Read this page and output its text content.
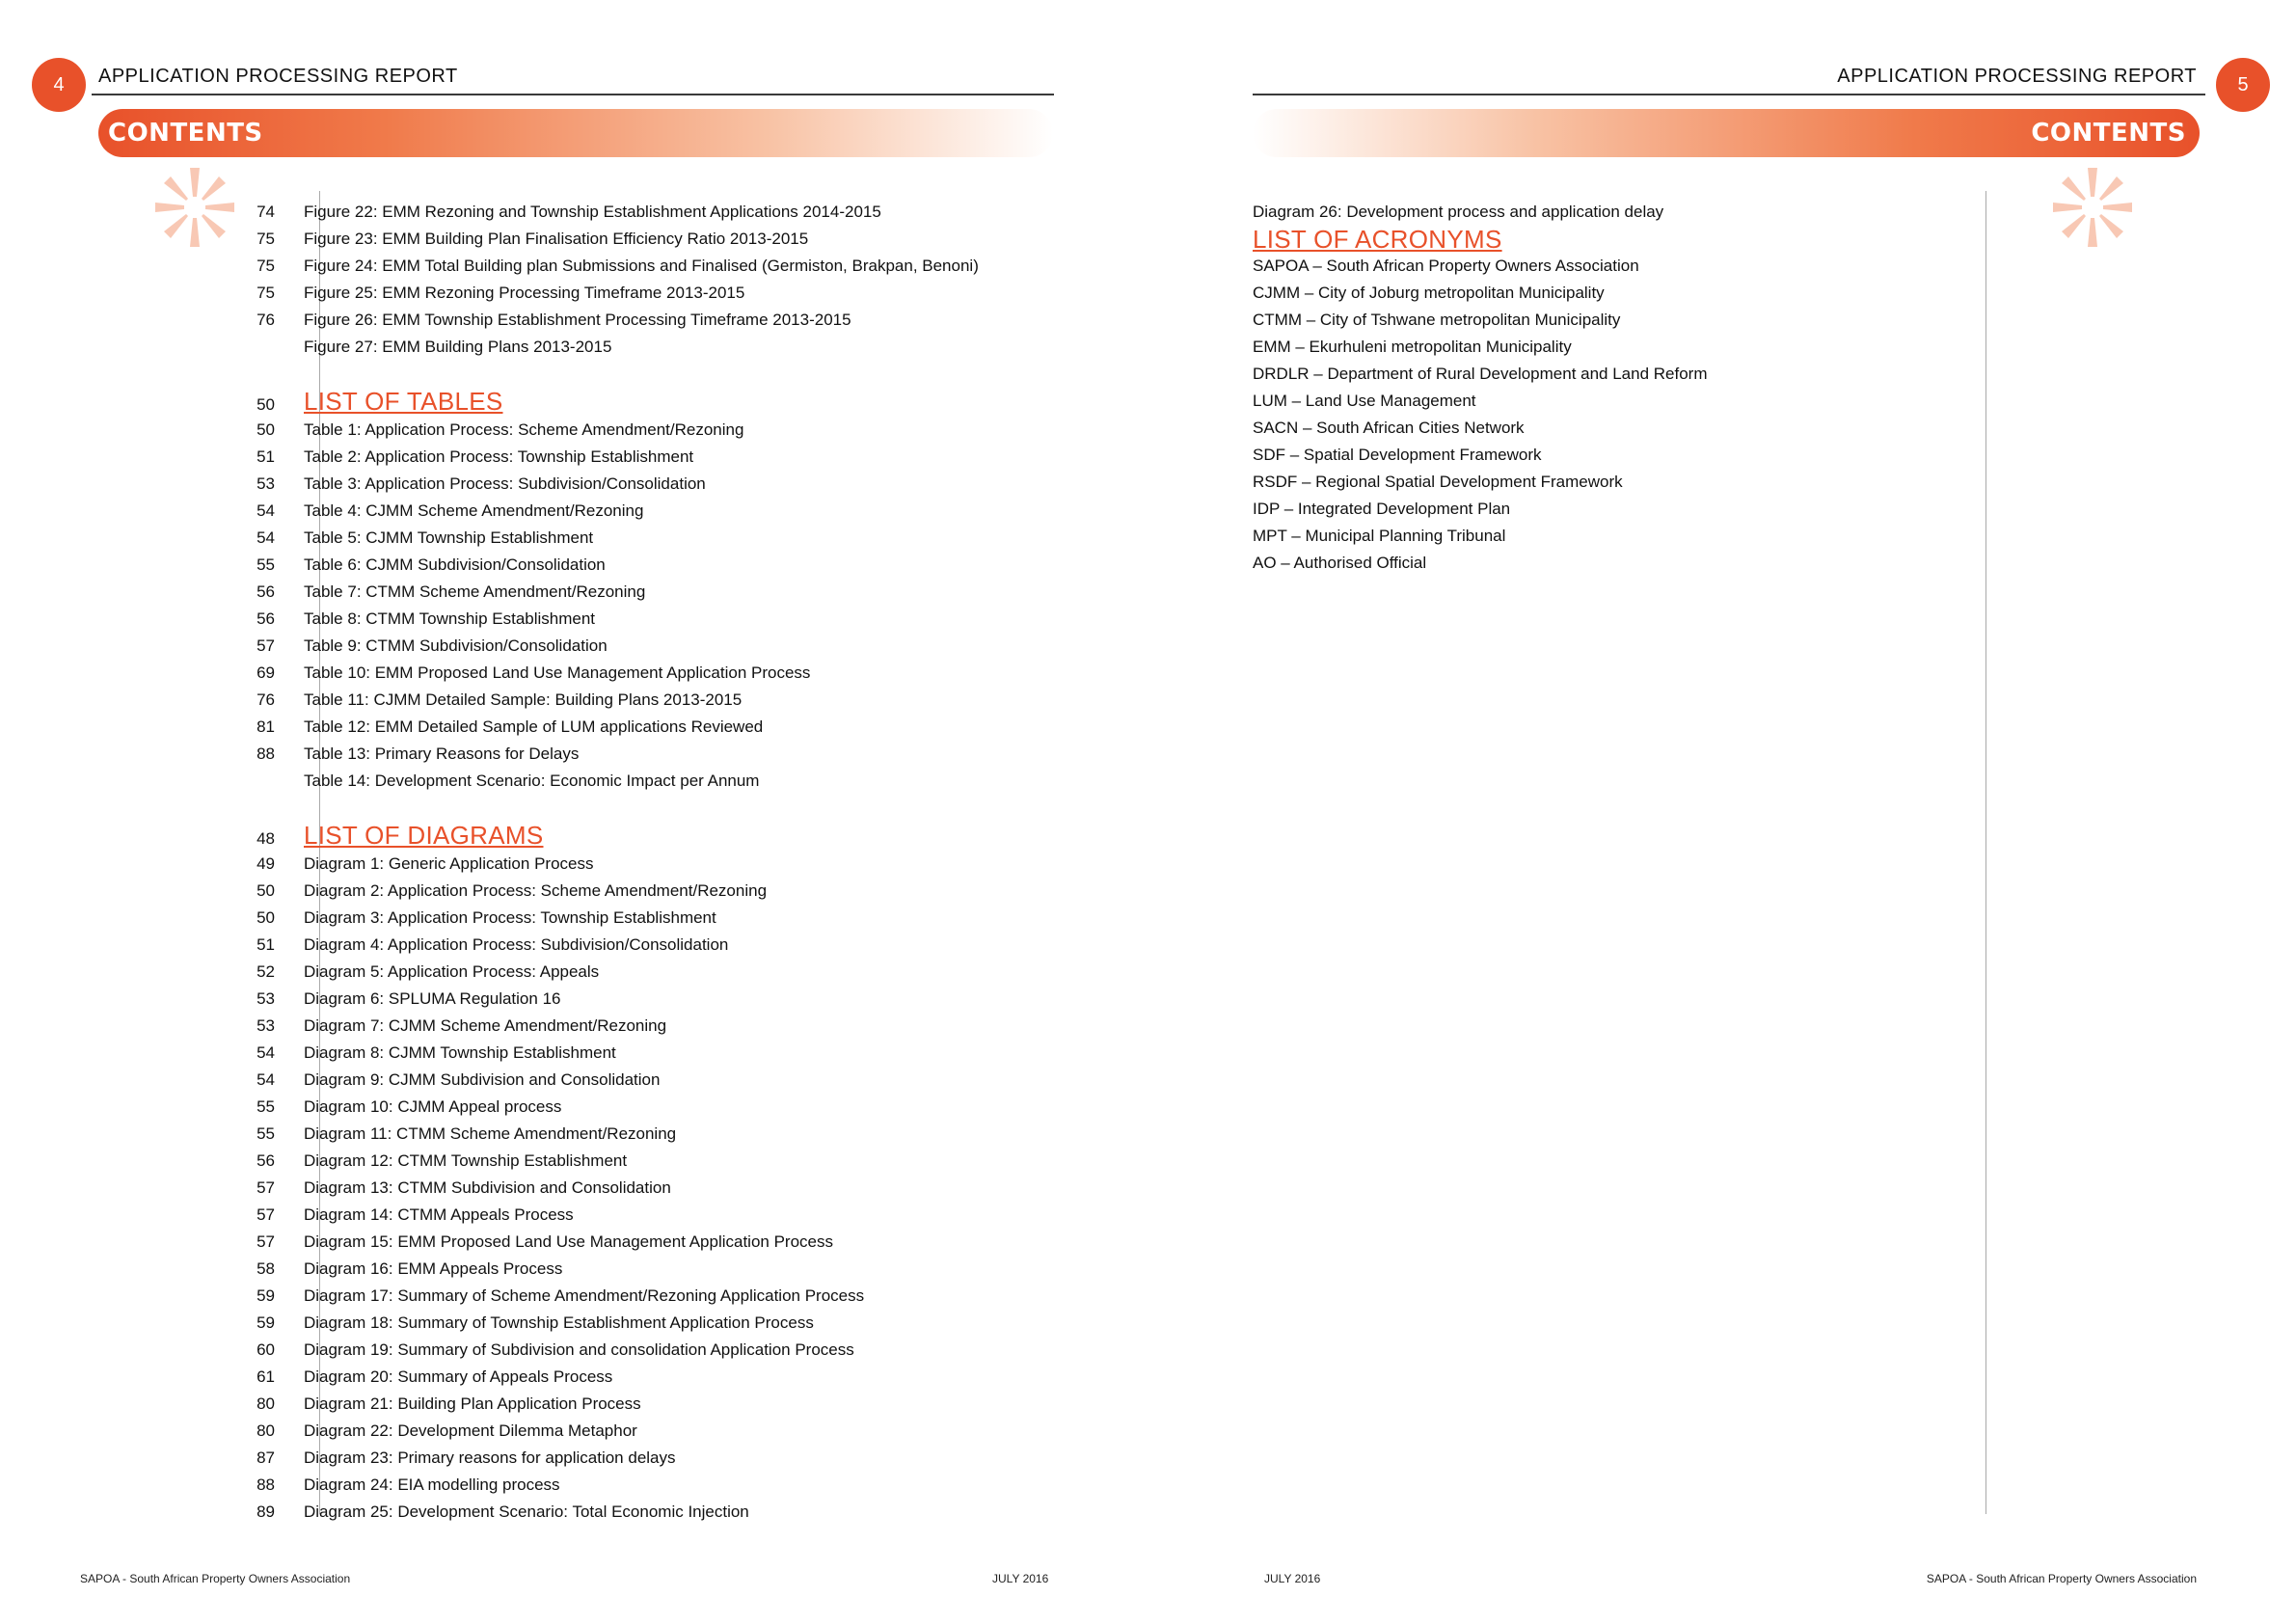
4	APPLICATION PROCESSING REPORT
CONTENTS
74 Figure 22: EMM Rezoning and Township Establishment Applications 2014-2015
75 Figure 23: EMM Building Plan Finalisation Efficiency Ratio 2013-2015
75 Figure 24: EMM Total Building plan Submissions and Finalised (Germiston, Brakpan, Benoni)
75 Figure 25: EMM Rezoning Processing Timeframe 2013-2015
76 Figure 26: EMM Township Establishment Processing Timeframe 2013-2015
Figure 27: EMM Building Plans 2013-2015
50 LIST OF TABLES
50 Table 1: Application Process: Scheme Amendment/Rezoning
51 Table 2: Application Process: Township Establishment
53 Table 3: Application Process: Subdivision/Consolidation
54 Table 4: CJMM Scheme Amendment/Rezoning
54 Table 5: CJMM Township Establishment
55 Table 6: CJMM Subdivision/Consolidation
56 Table 7: CTMM Scheme Amendment/Rezoning
56 Table 8: CTMM Township Establishment
57 Table 9: CTMM Subdivision/Consolidation
69 Table 10: EMM Proposed Land Use Management Application Process
76 Table 11: CJMM Detailed Sample: Building Plans 2013-2015
81 Table 12: EMM Detailed Sample of LUM applications Reviewed
88 Table 13: Primary Reasons for Delays
Table 14: Development Scenario: Economic Impact per Annum
48 LIST OF DIAGRAMS
49 Diagram 1: Generic Application Process
50 Diagram 2: Application Process: Scheme Amendment/Rezoning
50 Diagram 3: Application Process: Township Establishment
51 Diagram 4: Application Process: Subdivision/Consolidation
52 Diagram 5: Application Process: Appeals
53 Diagram 6: SPLUMA Regulation 16
53 Diagram 7: CJMM Scheme Amendment/Rezoning
54 Diagram 8: CJMM Township Establishment
54 Diagram 9: CJMM Subdivision and Consolidation
55 Diagram 10: CJMM Appeal process
55 Diagram 11: CTMM Scheme Amendment/Rezoning
56 Diagram 12: CTMM Township Establishment
57 Diagram 13: CTMM Subdivision and Consolidation
57 Diagram 14: CTMM Appeals Process
57 Diagram 15: EMM Proposed Land Use Management Application Process
58 Diagram 16: EMM Appeals Process
59 Diagram 17: Summary of Scheme Amendment/Rezoning Application Process
59 Diagram 18: Summary of Township Establishment Application Process
60 Diagram 19: Summary of Subdivision and consolidation Application Process
61 Diagram 20: Summary of Appeals Process
80 Diagram 21: Building Plan Application Process
80 Diagram 22: Development Dilemma Metaphor
87 Diagram 23: Primary reasons for application delays
88 Diagram 24: EIA modelling process
89 Diagram 25: Development Scenario: Total Economic Injection
SAPOA - South African Property Owners Association	JULY 2016
APPLICATION PROCESSING REPORT	5
CONTENTS
Diagram 26: Development process and application delay
LIST OF ACRONYMS
SAPOA – South African Property Owners Association
CJMM – City of Joburg metropolitan Municipality
CTMM – City of Tshwane metropolitan Municipality
EMM – Ekurhuleni metropolitan Municipality
DRDLR – Department of Rural Development and Land Reform
LUM – Land Use Management
SACN – South African Cities Network
SDF – Spatial Development Framework
RSDF – Regional Spatial Development Framework
IDP – Integrated Development Plan
MPT – Municipal Planning Tribunal
AO – Authorised Official
JULY 2016	SAPOA - South African Property Owners Association
